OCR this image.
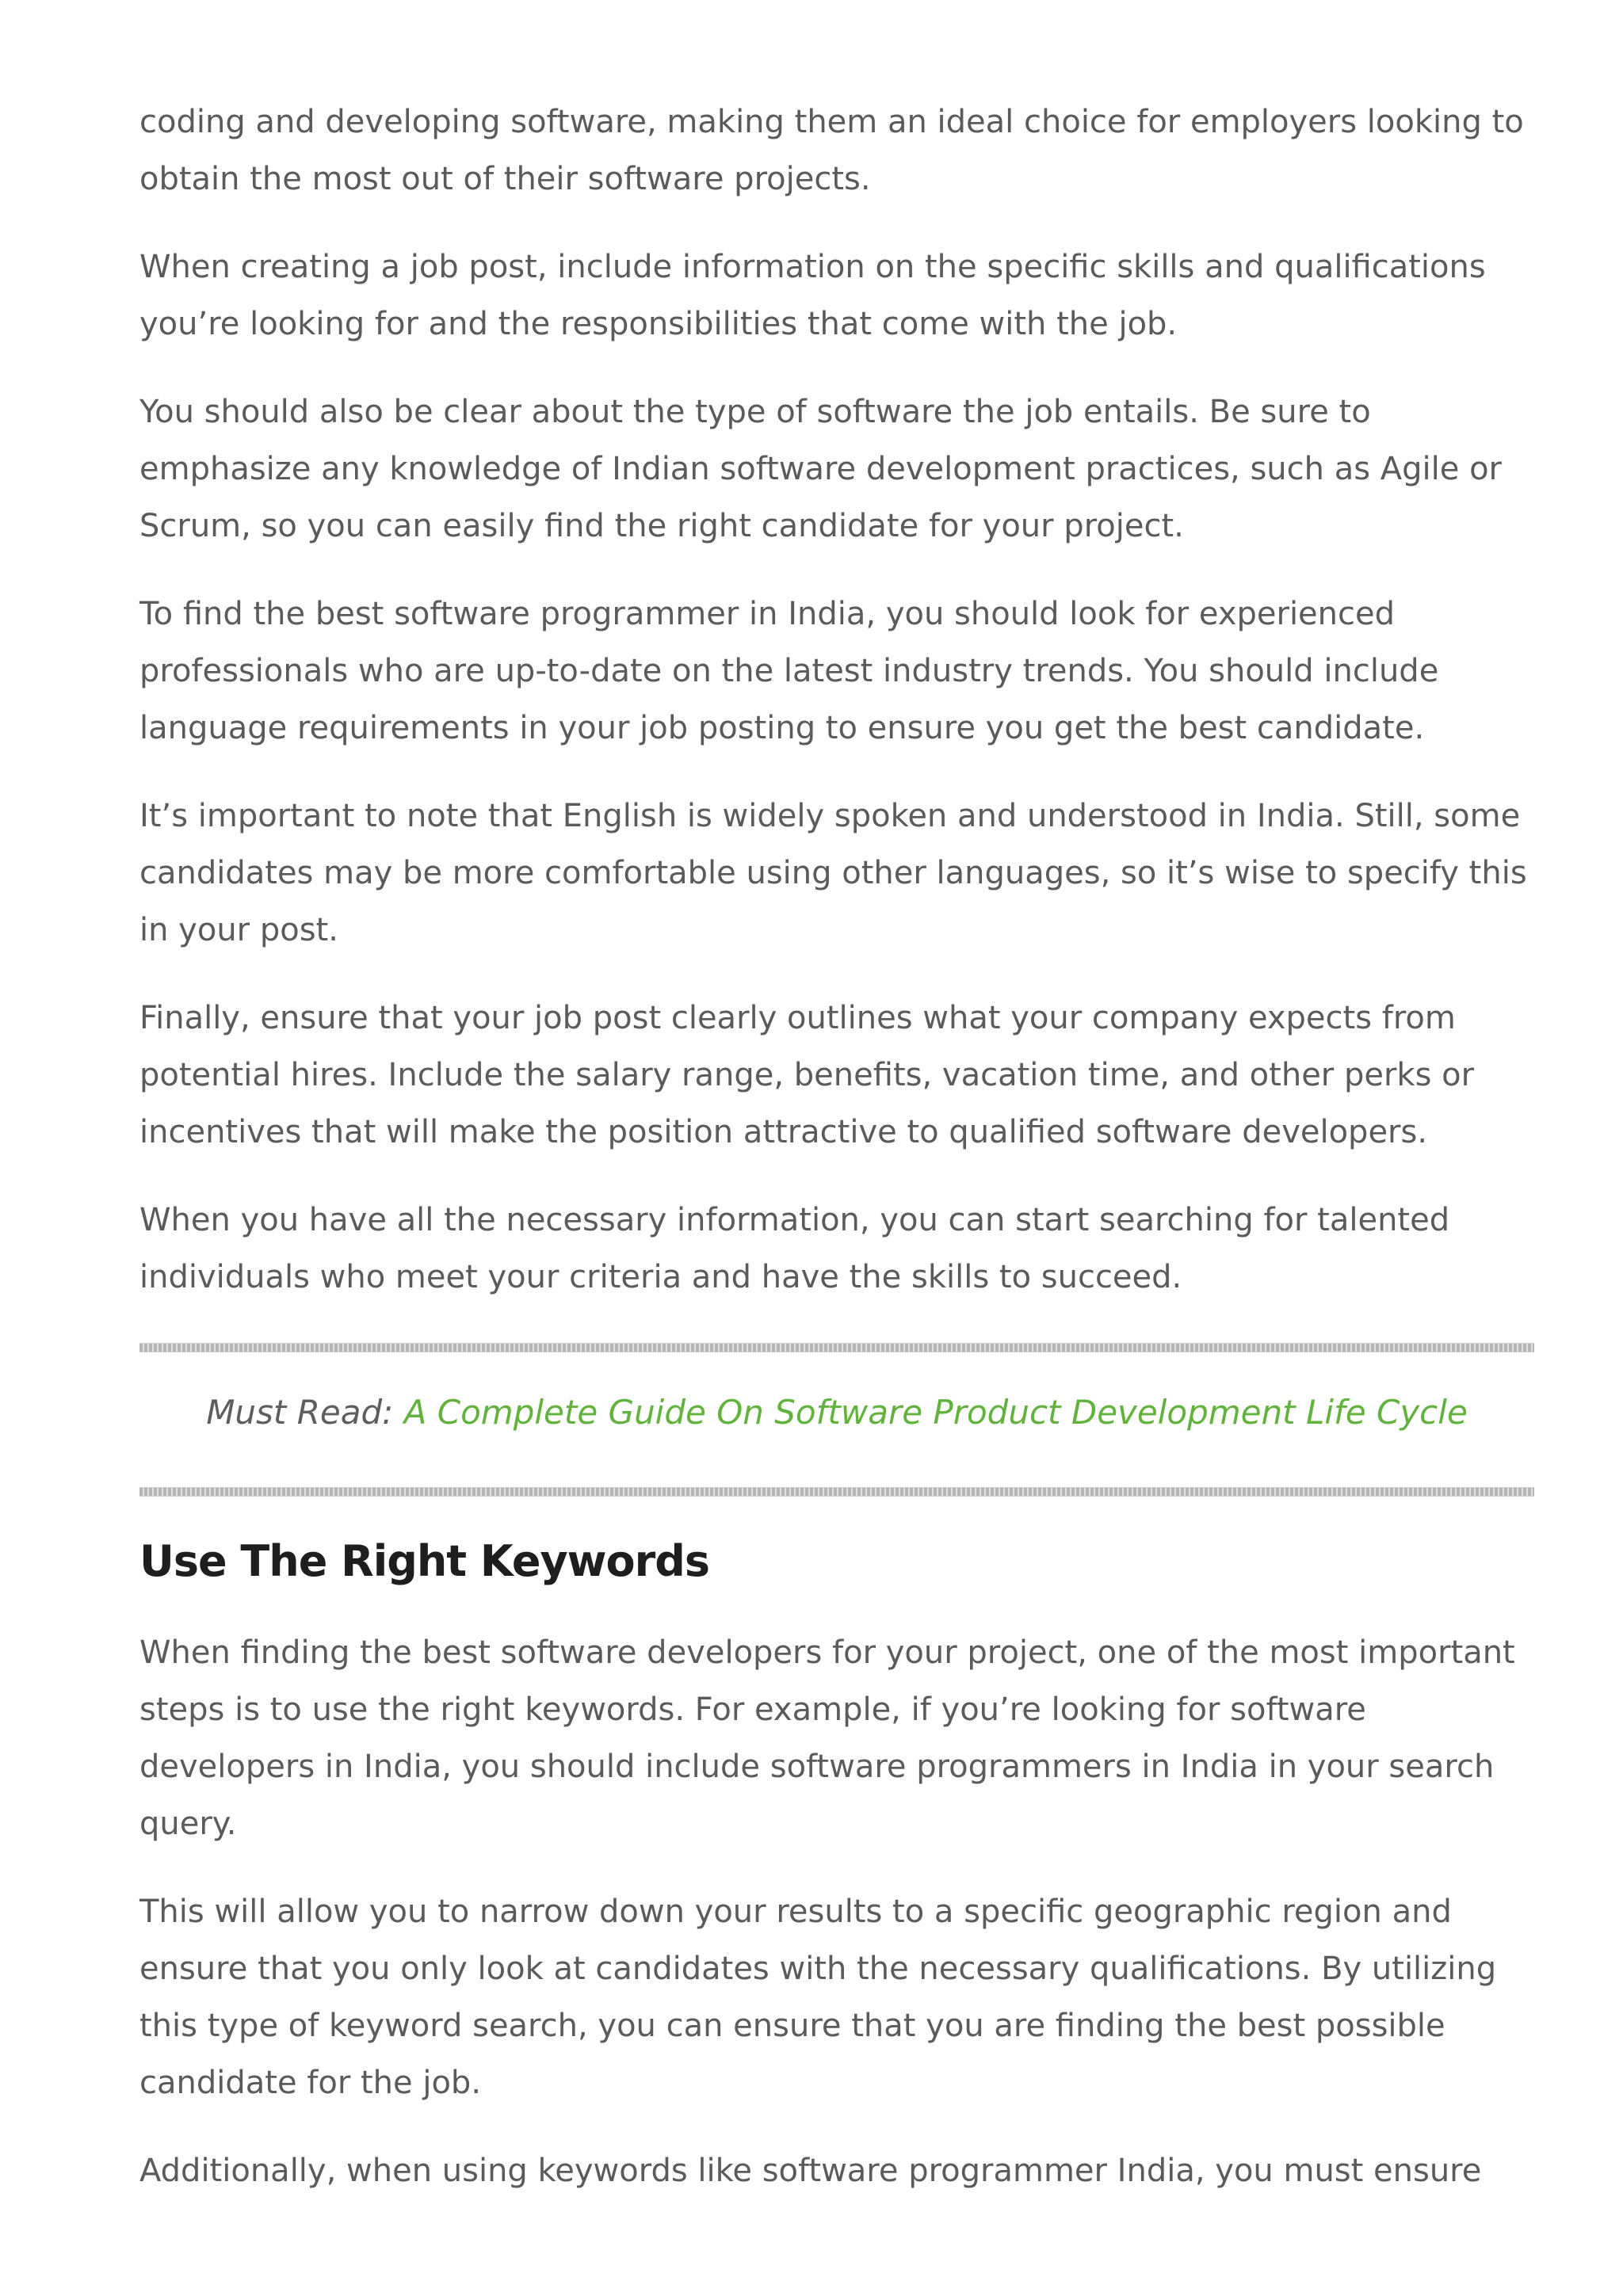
coding and developing software, making them an ideal choice for employers looking to obtain the most out of their software projects.

When creating a job post, include information on the specific skills and qualifications you’re looking for and the responsibilities that come with the job.

You should also be clear about the type of software the job entails. Be sure to emphasize any knowledge of Indian software development practices, such as Agile or Scrum, so you can easily find the right candidate for your project.

To find the best software programmer in India, you should look for experienced professionals who are up-to-date on the latest industry trends. You should include language requirements in your job posting to ensure you get the best candidate.

It’s important to note that English is widely spoken and understood in India. Still, some candidates may be more comfortable using other languages, so it’s wise to specify this in your post.

Finally, ensure that your job post clearly outlines what your company expects from potential hires. Include the salary range, benefits, vacation time, and other perks or incentives that will make the position attractive to qualified software developers.

When you have all the necessary information, you can start searching for talented individuals who meet your criteria and have the skills to succeed.

Must Read: A Complete Guide On Software Product Development Life Cycle
Use The Right Keywords

When finding the best software developers for your project, one of the most important steps is to use the right keywords. For example, if you’re looking for software developers in India, you should include software programmers in India in your search query.

This will allow you to narrow down your results to a specific geographic region and ensure that you only look at candidates with the necessary qualifications. By utilizing this type of keyword search, you can ensure that you are finding the best possible candidate for the job.

Additionally, when using keywords like software programmer India, you must ensure
